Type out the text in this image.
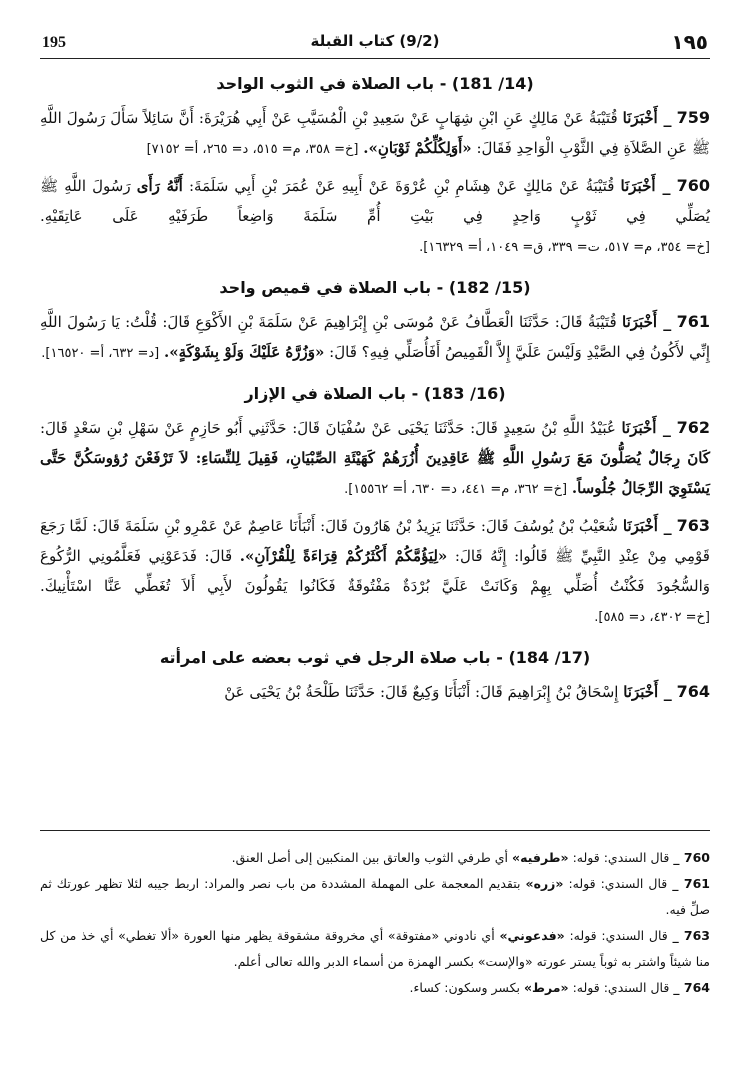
195	(9/2) كتاب القبلة	١٩٥
(14/ 181) - باب الصلاة في الثوب الواحد

759 _ أَخْبَرَنَا قُتَيْبَةُ عَنْ مَالِكٍ عَنِ ابْنِ شِهَابٍ عَنْ سَعِيدِ بْنِ الْمُسَيَّبِ عَنْ أَبِي هُرَيْرَةَ: أَنَّ سَائِلاً سَأَلَ رَسُولَ اللَّهِ ﷺ عَنِ الصَّلاَةِ فِي الثَّوْبِ الْوَاحِدِ فَقَالَ: «أَوَلِكُلِّكُمْ ثَوْبَانِ». [خ= ٣٥٨، م= ٥١٥، د= ٢٦٥، أ= ٧١٥٢]

760 _ أَخْبَرَنَا قُتَيْبَةُ عَنْ مَالِكٍ عَنْ هِشَامِ بْنِ عُرْوَةَ عَنْ أَبِيهِ عَنْ عُمَرَ بْنِ أَبِي سَلَمَةَ: أَنَّهُ رَأَى رَسُولَ اللَّهِ ﷺ يُصَلِّي فِي ثَوْبٍ وَاحِدٍ فِي بَيْتِ أُمِّ سَلَمَةَ وَاضِعاً طَرَفَيْهِ عَلَى عَاتِقَيْهِ. [خ= ٣٥٤، م= ٥١٧، ت= ٣٣٩، ق= ١٠٤٩، أ= ١٦٣٢٩].

(15/ 182) - باب الصلاة في قميص واحد

761 _ أَخْبَرَنَا قُتَيْبَةُ قَالَ: حَدَّثَنَا الْعَطَّافُ عَنْ مُوسَى بْنِ إِبْرَاهِيمَ عَنْ سَلَمَةَ بْنِ الأَكْوَعِ قَالَ: قُلْتُ: يَا رَسُولَ اللَّهِ إِنِّي لأَكُونُ فِي الصَّيْدِ وَلَيْسَ عَلَيَّ إِلاَّ الْقَمِيصُ أَفَأُصَلِّي فِيهِ؟ قَالَ: «وَزُرَّهُ عَلَيْكَ وَلَوْ بِشَوْكَةٍ». [د= ٦٣٢، أ= ١٦٥٢٠].

(16/ 183) - باب الصلاة في الإزار

762 _ أَخْبَرَنَا عُبَيْدُ اللَّهِ بْنُ سَعِيدٍ قَالَ: حَدَّثَنَا يَحْيَى عَنْ سُفْيَانَ قَالَ: حَدَّثَنِي أَبُو حَازِمٍ عَنْ سَهْلِ بْنِ سَعْدٍ قَالَ: كَانَ رِجَالٌ يُصَلُّونَ مَعَ رَسُولِ اللَّهِ ﷺ عَاقِدِينَ أُزُرَهُمْ كَهَيْئَةِ الصِّبْيَانِ، فَقِيلَ لِلنِّسَاءِ: لاَ تَرْفَعْنَ رُؤوسَكُنَّ حَتَّى يَسْتَوِيَ الرِّجَالُ جُلُوساً. [خ= ٣٦٢، م= ٤٤١، د= ٦٣٠، أ= ١٥٥٦٢].

763 _ أَخْبَرَنَا شُعَيْبُ بْنُ يُوسُفَ قَالَ: حَدَّثَنَا يَزِيدُ بْنُ هَارُونَ قَالَ: أَنْبَأَنَا عَاصِمٌ عَنْ عَمْرِو بْنِ سَلَمَةَ قَالَ: لَمَّا رَجَعَ قَوْمِي مِنْ عِنْدِ النَّبِيِّ ﷺ قَالُوا: إِنَّهُ قَالَ: «لِيَؤُمَّكُمْ أَكْثَرُكُمْ قِرَاءَةً لِلْقُرْآنِ». قَالَ: فَدَعَوْنِي فَعَلَّمُونِي الرُّكُوعَ وَالسُّجُودَ فَكُنْتُ أُصَلِّي بِهِمْ وَكَانَتْ عَلَيَّ بُرْدَةٌ مَفْتُوقَةٌ فَكَانُوا يَقُولُونَ لأَبِي أَلاَ تُغَطِّي عَنَّا اسْتَأْنِيكَ. [خ= ٤٣٠٢، د= ٥٨٥].

(17/ 184) - باب صلاة الرجل في ثوب بعضه على امرأته

764 _ أَخْبَرَنَا إِسْحَاقُ بْنُ إِبْرَاهِيمَ قَالَ: أَنْبَأَنَا وَكِيعٌ قَالَ: حَدَّثَنَا طَلْحَةُ بْنُ يَحْيَى عَنْ

760 _ قال السندي: قوله: «طرفيه» أي طرفي الثوب والعاتق بين المنكبين إلى أصل العنق.

761 _ قال السندي: قوله: «زره» بتقديم المعجمة على المهملة المشددة من باب نصر والمراد: اربط جيبه لئلا تظهر عورتك ثم صلِّ فيه.

763 _ قال السندي: قوله: «فدعوني» أي نادوني «مفتوقة» أي مخروقة مشقوقة يظهر منها العورة «ألا تغطي» أي خذ من كل منا شيئاً واشتر به ثوباً يستر عورته «والإست» بكسر الهمزة من أسماء الدبر والله تعالى أعلم.

764 _ قال السندي: قوله: «مرط» بكسر وسكون: كساء.
